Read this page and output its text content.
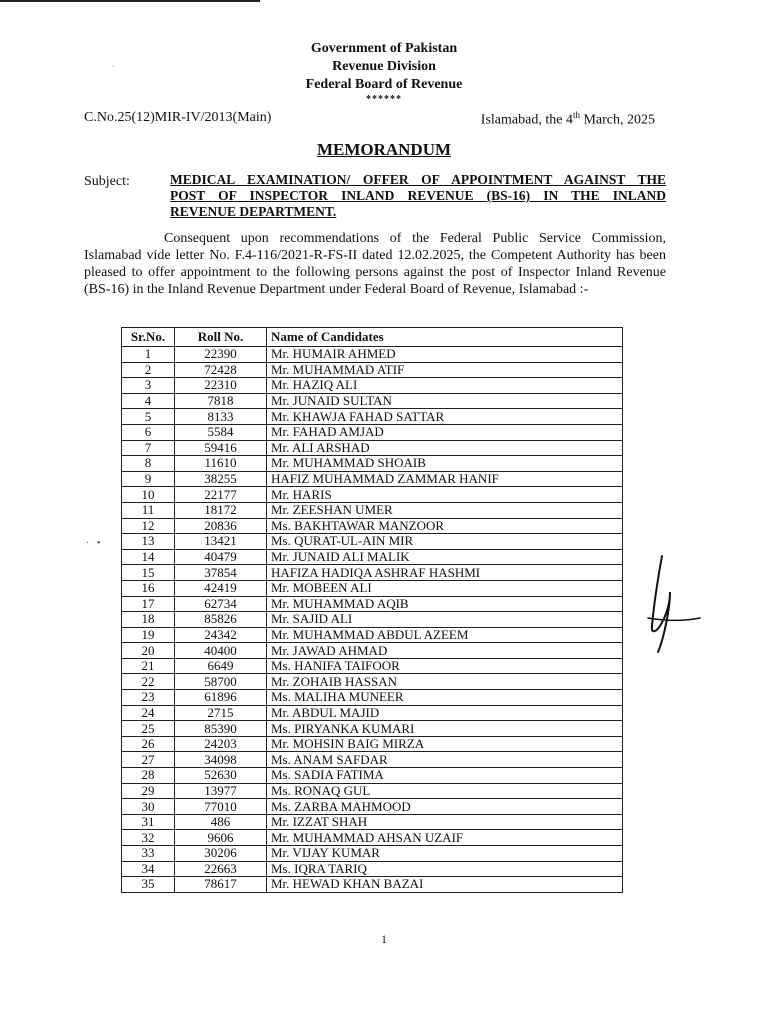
·
Government of Pakistan
Revenue Division
Federal Board of Revenue
******
C.No.25(12)MIR-IV/2013(Main)	Islamabad, the 4th March, 2025
MEMORANDUM
Subject:	MEDICAL EXAMINATION/ OFFER OF APPOINTMENT AGAINST THE
POST OF INSPECTOR INLAND REVENUE (BS-16) IN THE INLAND

REVENUE DEPARTMENT.
Consequent upon recommendations of the Federal Public Service Commission, Islamabad vide letter No. F.4-116/2021-R-FS-II dated 12.02.2025, the Competent Authority has been pleased to offer appointment to the following persons against the post of Inspector Inland Revenue (BS-16) in the Inland Revenue Department under Federal Board of Revenue, Islamabad :-
·   •
Sr.No.	Roll No.	Name of Candidates
1	22390	Mr. HUMAIR AHMED
2	72428	Mr. MUHAMMAD ATIF
3	22310	Mr. HAZIQ ALI
4	7818	Mr. JUNAID SULTAN
5	8133	Mr. KHAWJA FAHAD SATTAR
6	5584	Mr. FAHAD AMJAD
7	59416	Mr. ALI ARSHAD
8	11610	Mr. MUHAMMAD SHOAIB
9	38255	HAFIZ MUHAMMAD ZAMMAR HANIF
10	22177	Mr. HARIS
11	18172	Mr. ZEESHAN UMER
12	20836	Ms. BAKHTAWAR MANZOOR
13	13421	Ms. QURAT-UL-AIN MIR
14	40479	Mr. JUNAID ALI MALIK
15	37854	HAFIZA HADIQA ASHRAF HASHMI
16	42419	Mr. MOBEEN ALI
17	62734	Mr. MUHAMMAD AQIB
18	85826	Mr. SAJID ALI
19	24342	Mr. MUHAMMAD ABDUL AZEEM
20	40400	Mr. JAWAD AHMAD
21	6649	Ms. HANIFA TAIFOOR
22	58700	Mr. ZOHAIB HASSAN
23	61896	Ms. MALIHA MUNEER
24	2715	Mr. ABDUL MAJID
25	85390	Ms. PIRYANKA KUMARI
26	24203	Mr. MOHSIN BAIG MIRZA
27	34098	Ms. ANAM SAFDAR
28	52630	Ms. SADIA FATIMA
29	13977	Ms. RONAQ GUL
30	77010	Ms. ZARBA MAHMOOD
31	486	Mr. IZZAT SHAH
32	9606	Mr. MUHAMMAD AHSAN UZAIF
33	30206	Mr. VIJAY KUMAR
34	22663	Ms. IQRA TARIQ
35	78617	Mr. HEWAD KHAN BAZAI
1
